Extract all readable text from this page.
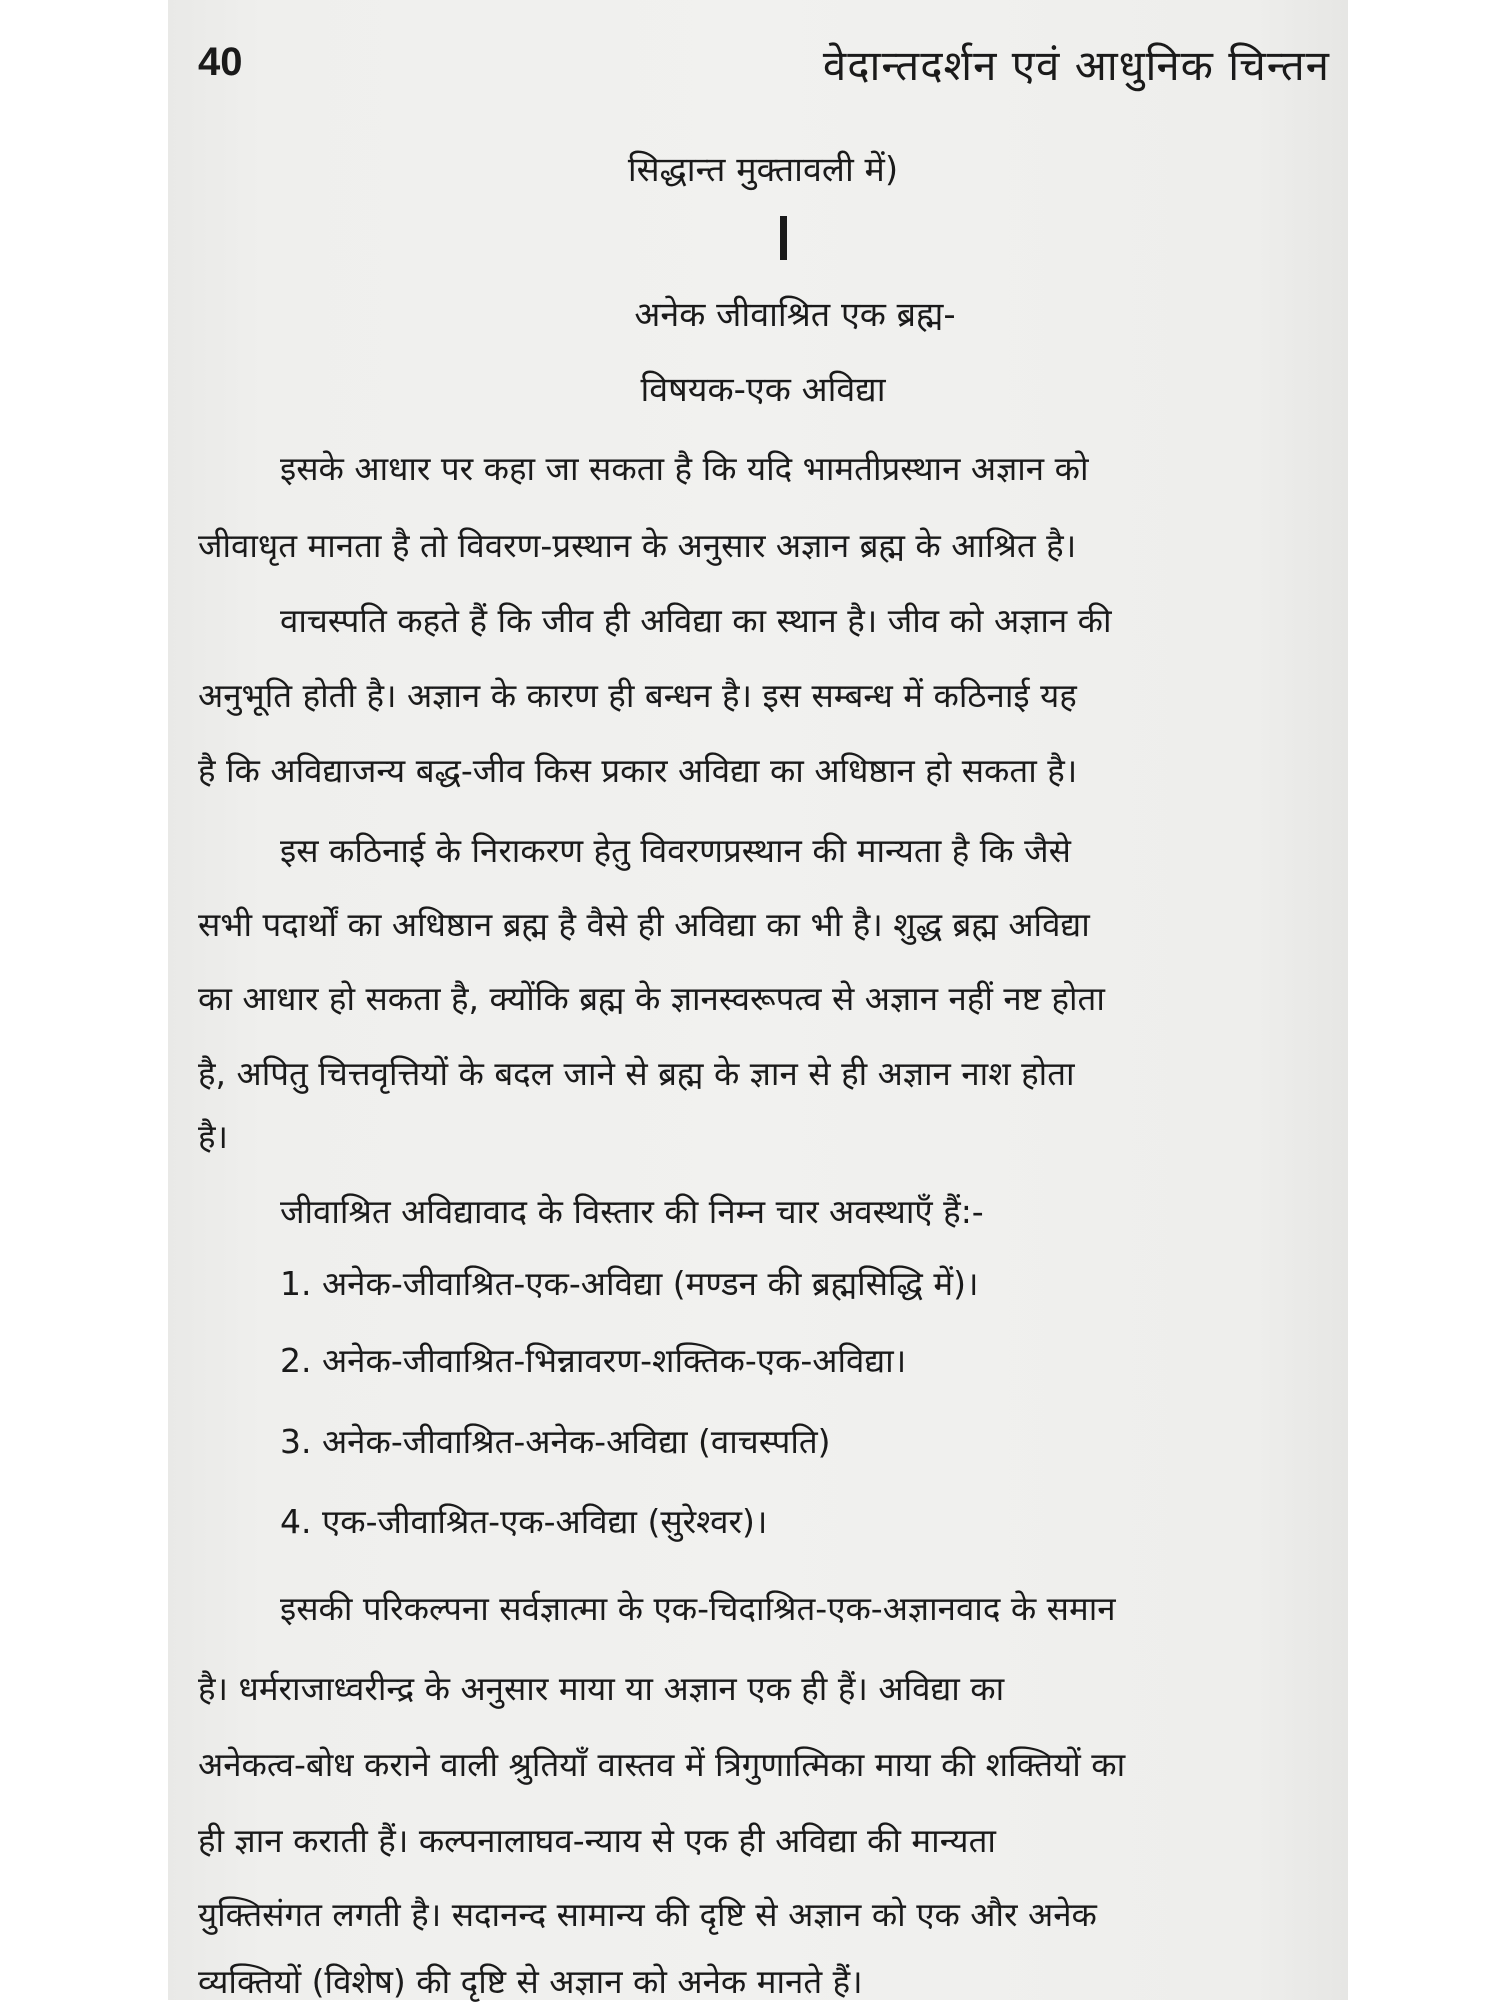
40	वेदान्तदर्शन एवं आधुनिक चिन्तन
सिद्धान्त मुक्तावली में)
अनेक जीवाश्रित एक ब्रह्म-
विषयक-एक अविद्या
इसके आधार पर कहा जा सकता है कि यदि भामतीप्रस्थान अज्ञान को
जीवाधृत मानता है तो विवरण-प्रस्थान के अनुसार अज्ञान ब्रह्म के आश्रित है।
वाचस्पति कहते हैं कि जीव ही अविद्या का स्थान है। जीव को अज्ञान की
अनुभूति होती है। अज्ञान के कारण ही बन्धन है। इस सम्बन्ध में कठिनाई यह
है कि अविद्याजन्य बद्ध-जीव किस प्रकार अविद्या का अधिष्ठान हो सकता है।
इस कठिनाई के निराकरण हेतु विवरणप्रस्थान की मान्यता है कि जैसे
सभी पदार्थों का अधिष्ठान ब्रह्म है वैसे ही अविद्या का भी है। शुद्ध ब्रह्म अविद्या
का आधार हो सकता है, क्योंकि ब्रह्म के ज्ञानस्वरूपत्व से अज्ञान नहीं नष्ट होता
है, अपितु चित्तवृत्तियों के बदल जाने से ब्रह्म के ज्ञान से ही अज्ञान नाश होता
है।
जीवाश्रित अविद्यावाद के विस्तार की निम्न चार अवस्थाएँ हैं:-
1. अनेक-जीवाश्रित-एक-अविद्या (मण्डन की ब्रह्मसिद्धि में)।
2. अनेक-जीवाश्रित-भिन्नावरण-शक्तिक-एक-अविद्या।
3. अनेक-जीवाश्रित-अनेक-अविद्या (वाचस्पति)
4. एक-जीवाश्रित-एक-अविद्या (सुरेश्वर)।
इसकी परिकल्पना सर्वज्ञात्मा के एक-चिदाश्रित-एक-अज्ञानवाद के समान
है। धर्मराजाध्वरीन्द्र के अनुसार माया या अज्ञान एक ही हैं। अविद्या का
अनेकत्व-बोध कराने वाली श्रुतियाँ वास्तव में त्रिगुणात्मिका माया की शक्तियों का
ही ज्ञान कराती हैं। कल्पनालाघव-न्याय से एक ही अविद्या की मान्यता
युक्तिसंगत लगती है। सदानन्द सामान्य की दृष्टि से अज्ञान को एक और अनेक
व्यक्तियों (विशेष) की दृष्टि से अज्ञान को अनेक मानते हैं।
